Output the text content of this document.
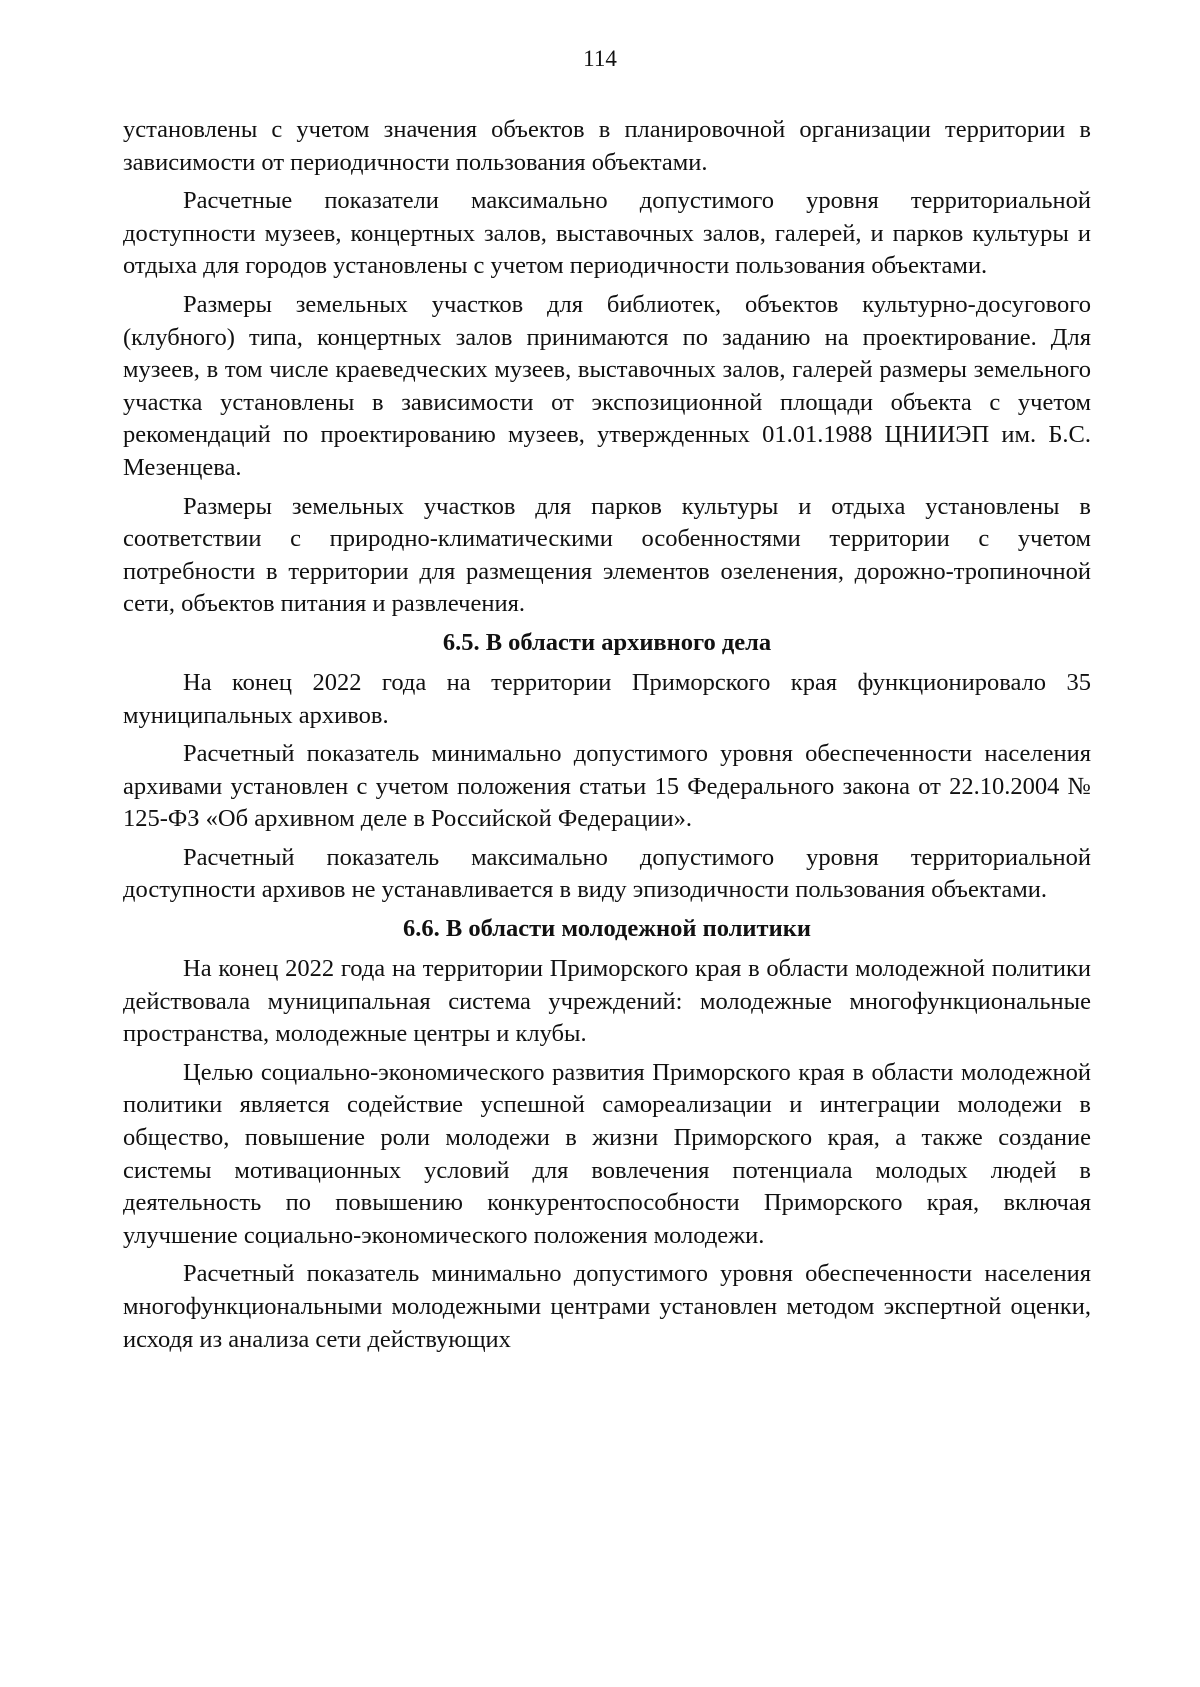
114

установлены с учетом значения объектов в планировочной организации территории в зависимости от периодичности пользования объектами.

Расчетные показатели максимально допустимого уровня территориальной доступности музеев, концертных залов, выставочных залов, галерей, и парков культуры и отдыха для городов установлены с учетом периодичности пользования объектами.

Размеры земельных участков для библиотек, объектов культурно-досугового (клубного) типа, концертных залов принимаются по заданию на проектирование. Для музеев, в том числе краеведческих музеев, выставочных залов, галерей размеры земельного участка установлены в зависимости от экспозиционной площади объекта с учетом рекомендаций по проектированию музеев, утвержденных 01.01.1988 ЦНИИЭП им. Б.С. Мезенцева.

Размеры земельных участков для парков культуры и отдыха установлены в соответствии с природно-климатическими особенностями территории с учетом потребности в территории для размещения элементов озеленения, дорожно-тропиночной сети, объектов питания и развлечения.

6.5. В области архивного дела

На конец 2022 года на территории Приморского края функционировало 35 муниципальных архивов.

Расчетный показатель минимально допустимого уровня обеспеченности населения архивами установлен с учетом положения статьи 15 Федерального закона от 22.10.2004 № 125-ФЗ «Об архивном деле в Российской Федерации».

Расчетный показатель максимально допустимого уровня территориальной доступности архивов не устанавливается в виду эпизодичности пользования объектами.

6.6. В области молодежной политики

На конец 2022 года на территории Приморского края в области молодежной политики действовала муниципальная система учреждений: молодежные многофункциональные пространства, молодежные центры и клубы.

Целью социально-экономического развития Приморского края в области молодежной политики является содействие успешной самореализации и интеграции молодежи в общество, повышение роли молодежи в жизни Приморского края, а также создание системы мотивационных условий для вовлечения потенциала молодых людей в деятельность по повышению конкурентоспособности Приморского края, включая улучшение социально-экономического положения молодежи.

Расчетный показатель минимально допустимого уровня обеспеченности населения многофункциональными молодежными центрами установлен методом экспертной оценки, исходя из анализа сети действующих
